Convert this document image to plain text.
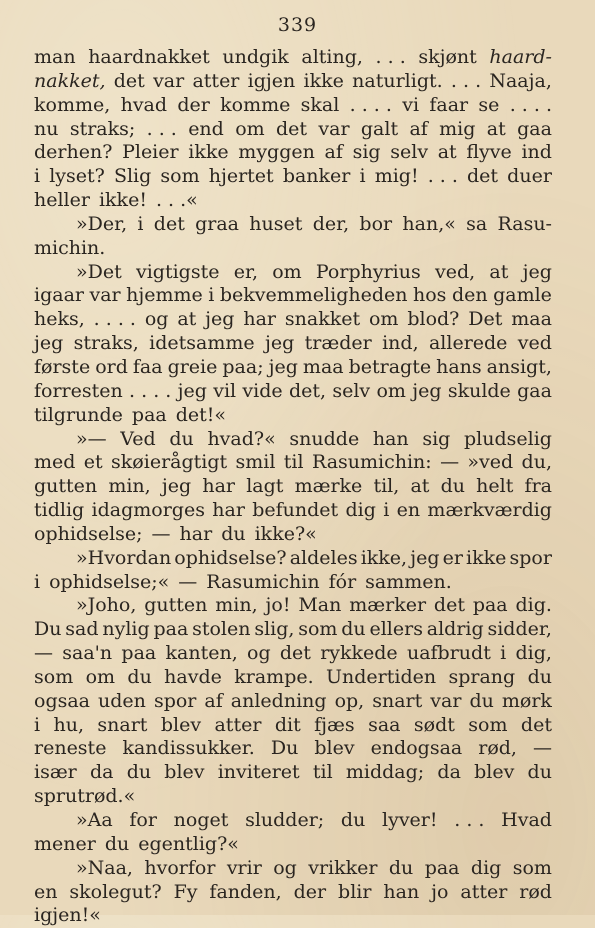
339
man haardnakket undgik alting, . . . skjønt haard-
nakket, det var atter igjen ikke naturligt. . . . Naaja,
komme, hvad der komme skal . . . . vi faar se . . . .
nu straks; . . . end om det var galt af mig at gaa
derhen? Pleier ikke myggen af sig selv at flyve ind
i lyset? Slig som hjertet banker i mig! . . . det duer
heller ikke! . . .«
»Der, i det graa huset der, bor han,« sa Rasu-
michin.
»Det vigtigste er, om Porphyrius ved, at jeg
igaar var hjemme i bekvemmeligheden hos den gamle
heks, . . . . og at jeg har snakket om blod? Det maa
jeg straks, idetsamme jeg træder ind, allerede ved
første ord faa greie paa; jeg maa betragte hans ansigt,
forresten . . . . jeg vil vide det, selv om jeg skulde gaa
tilgrunde paa det!«
»— Ved du hvad?« snudde han sig pludselig
med et skøierågtigt smil til Rasumichin: — »ved du,
gutten min, jeg har lagt mærke til, at du helt fra
tidlig idagmorges har befundet dig i en mærkværdig
ophidselse; — har du ikke?«
»Hvordan ophidselse? aldeles ikke, jeg er ikke spor
i ophidselse;« — Rasumichin fór sammen.
»Joho, gutten min, jo! Man mærker det paa dig.
Du sad nylig paa stolen slig, som du ellers aldrig sidder,
— saa'n paa kanten, og det rykkede uafbrudt i dig,
som om du havde krampe. Undertiden sprang du
ogsaa uden spor af anledning op, snart var du mørk
i hu, snart blev atter dit fjæs saa sødt som det
reneste kandissukker. Du blev endogsaa rød, —
især da du blev inviteret til middag; da blev du
sprutrød.«
»Aa for noget sludder; du lyver! . . . Hvad
mener du egentlig?«
»Naa, hvorfor vrir og vrikker du paa dig som
en skolegut? Fy fanden, der blir han jo atter rød
igjen!«
